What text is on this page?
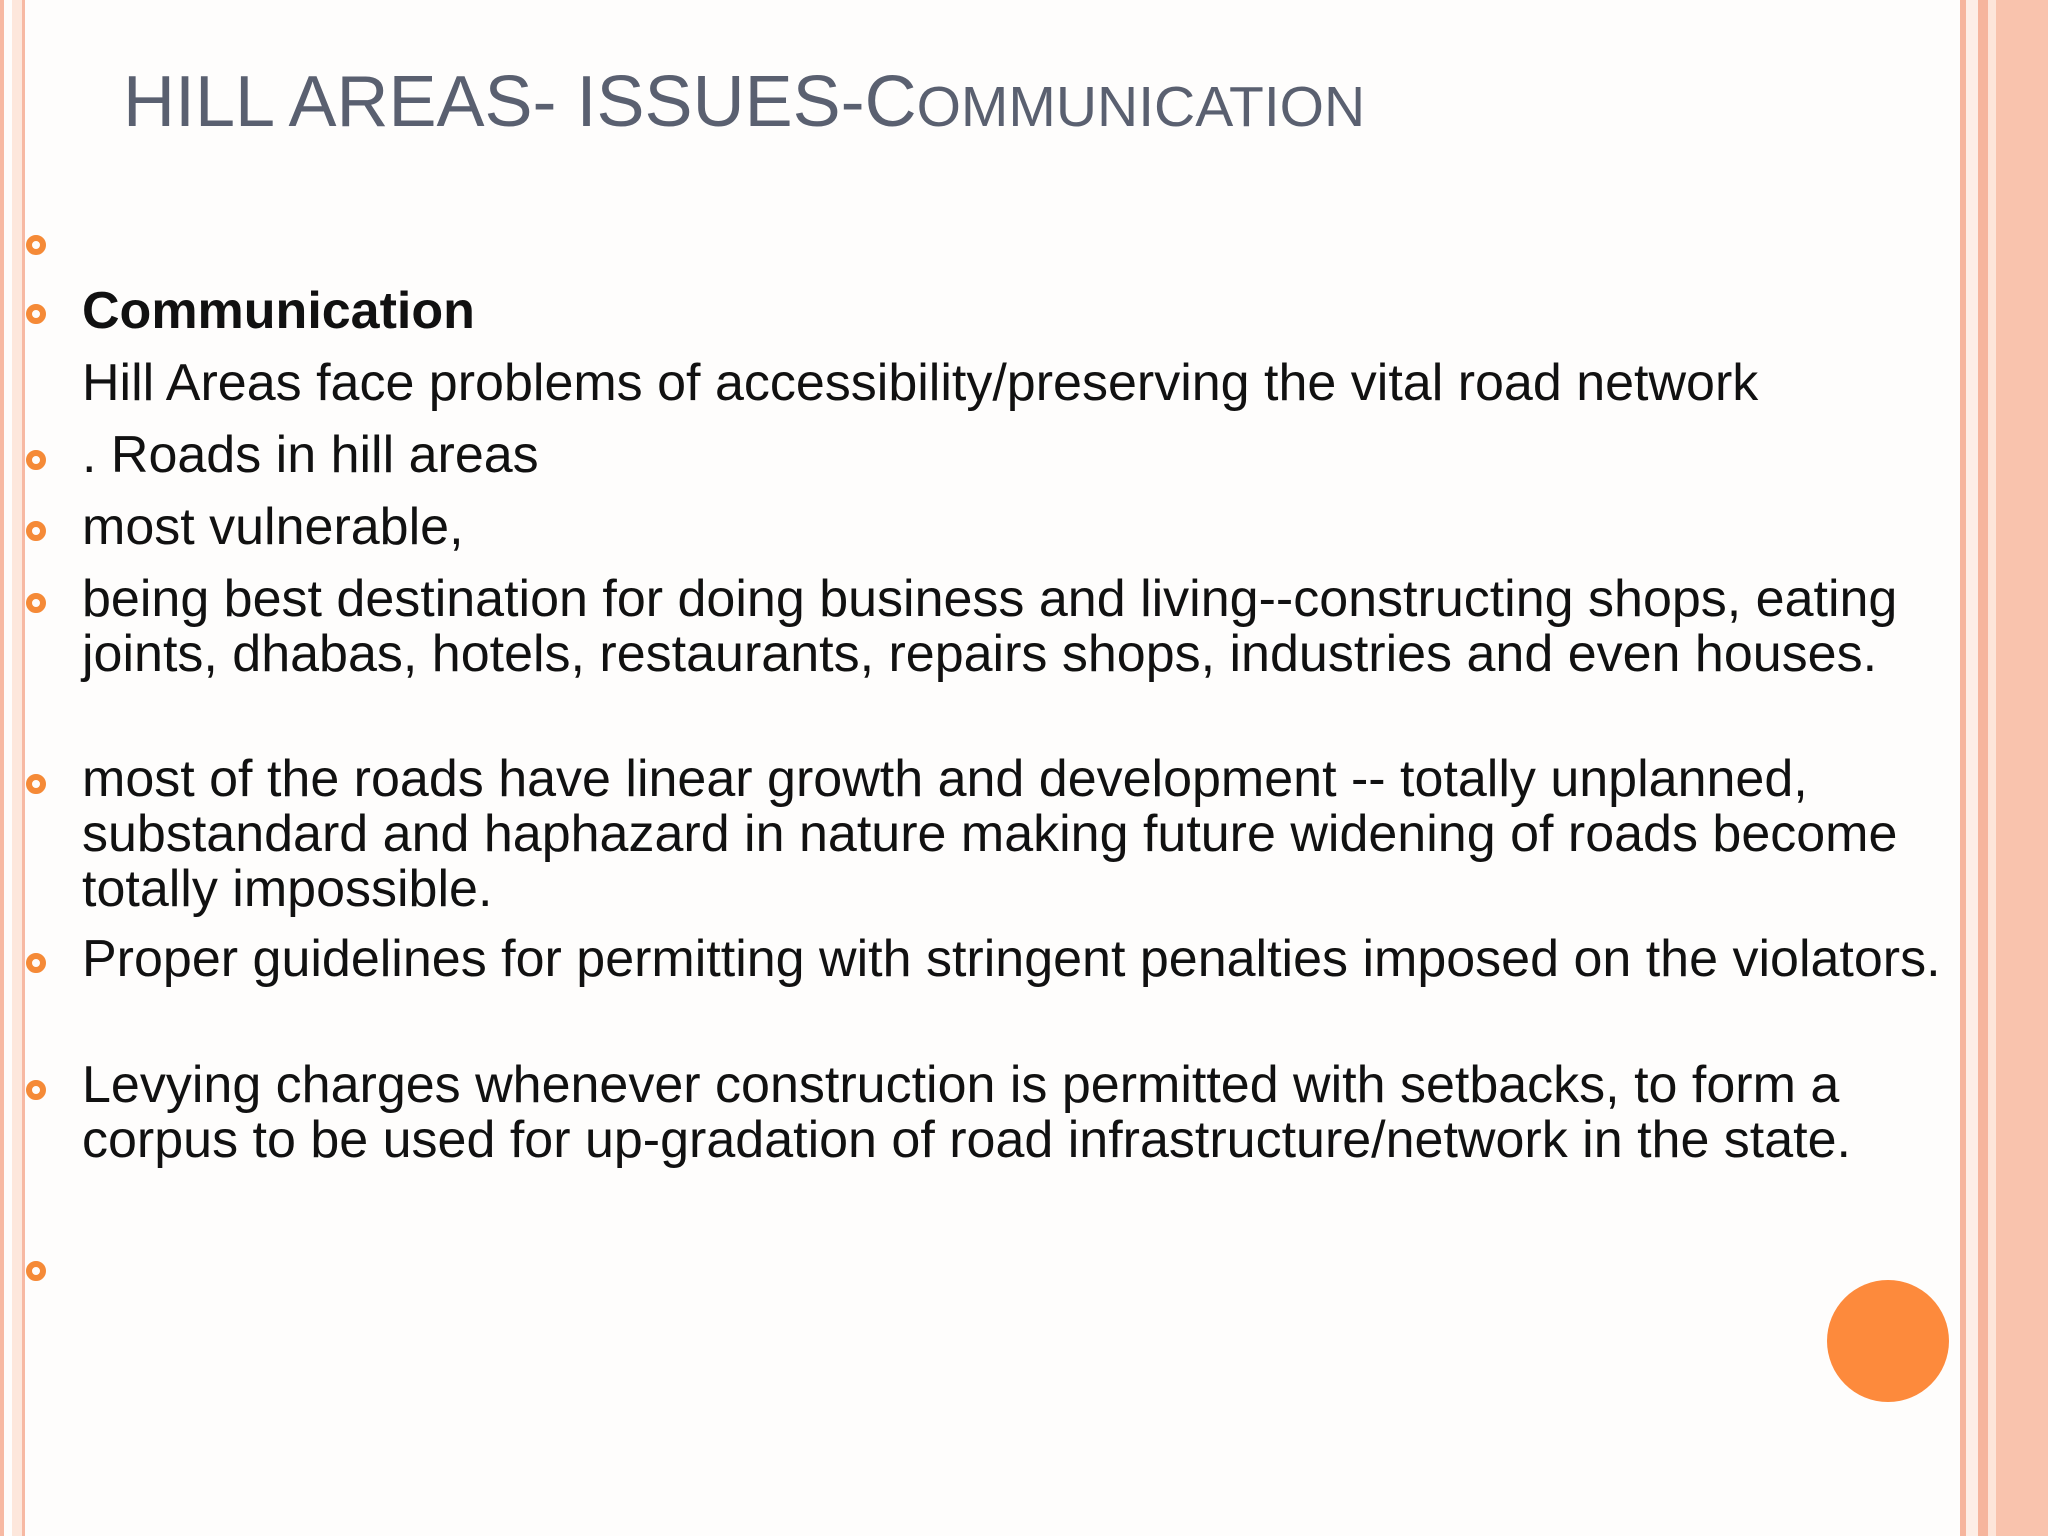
HILL AREAS- ISSUES-COMMUNICATION
Communication
Hill Areas face problems of accessibility/preserving the vital road network
. Roads in hill areas
most vulnerable,
being best destination for doing business and living--constructing shops, eating joints, dhabas, hotels, restaurants, repairs shops, industries and even houses.
most of the roads have linear growth and development -- totally unplanned, substandard and haphazard in nature making future widening of roads become totally impossible.
Proper guidelines for permitting with stringent penalties imposed on the violators.
Levying charges whenever construction is permitted with setbacks, to form a corpus to be used for up-gradation of road infrastructure/network in the state.
